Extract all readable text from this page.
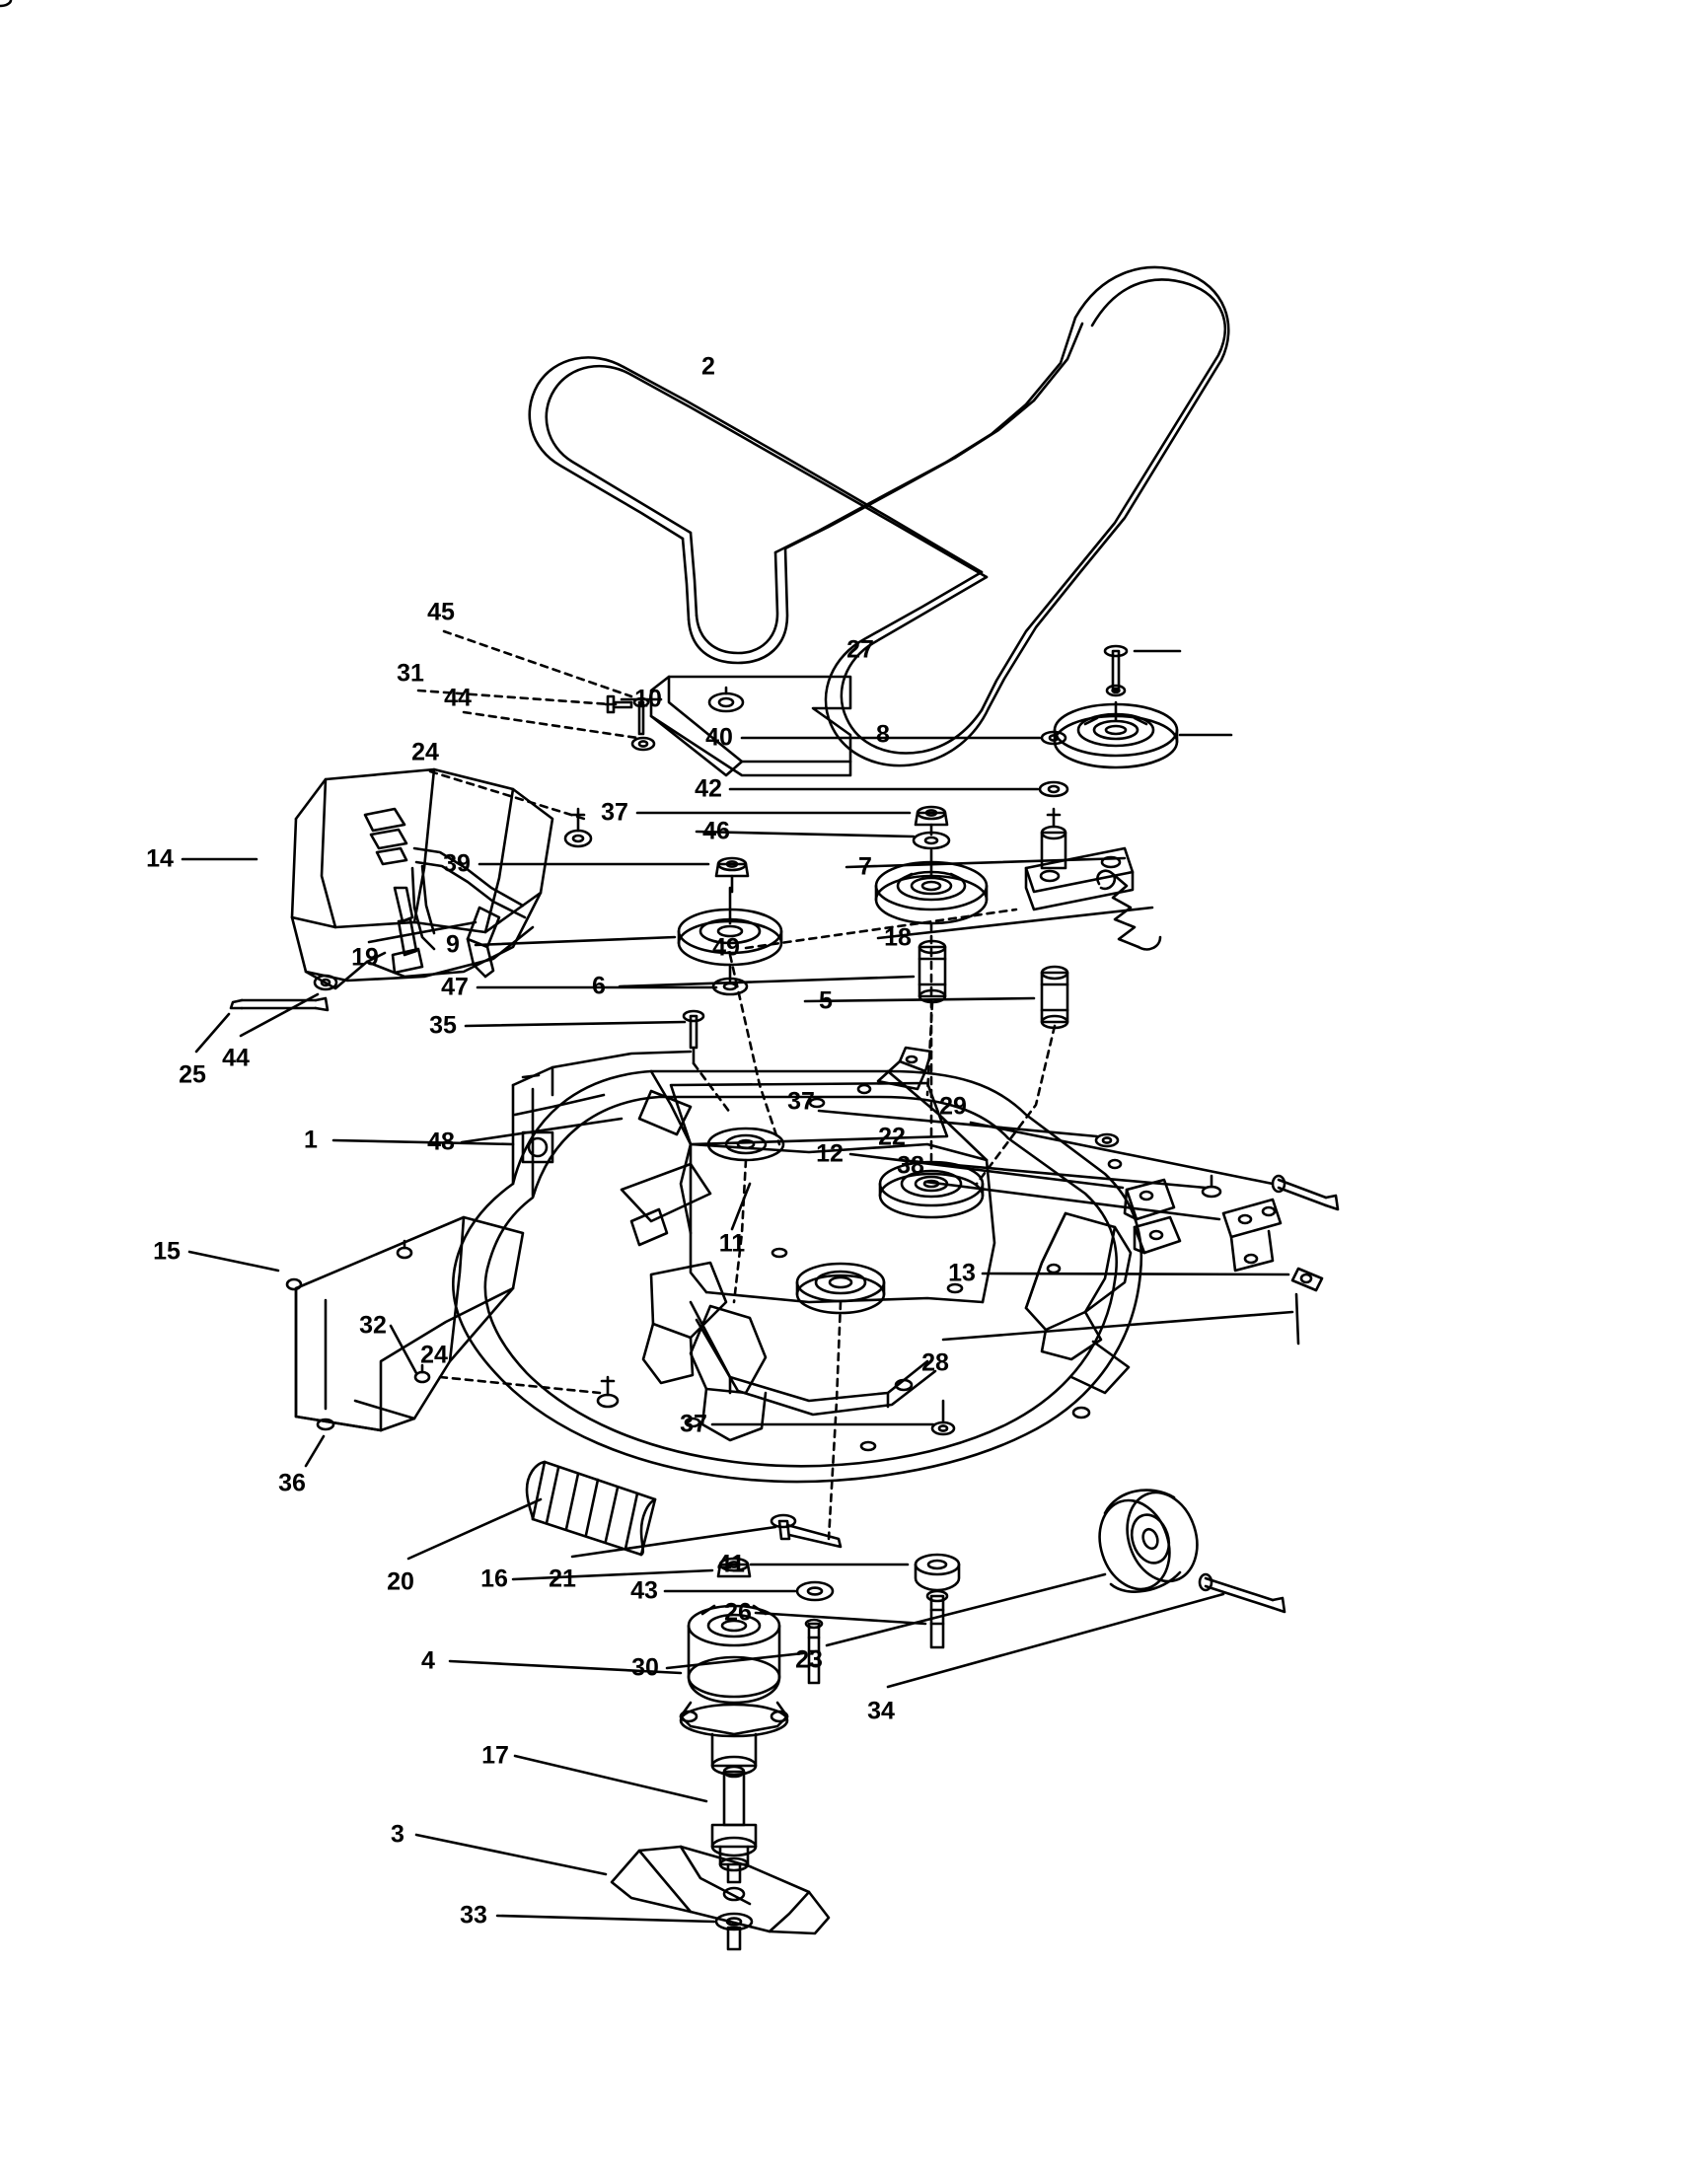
1
2
3
4
5
6
7
8
9
10
11
12
13
14
15
16
17
18
19
20	21
22
23
24
24
25
26
27
28
29
30
31
32
33
34
35
36
37
37
37
38
39
40
41
42
43
44
44
45
46
47
48
49
